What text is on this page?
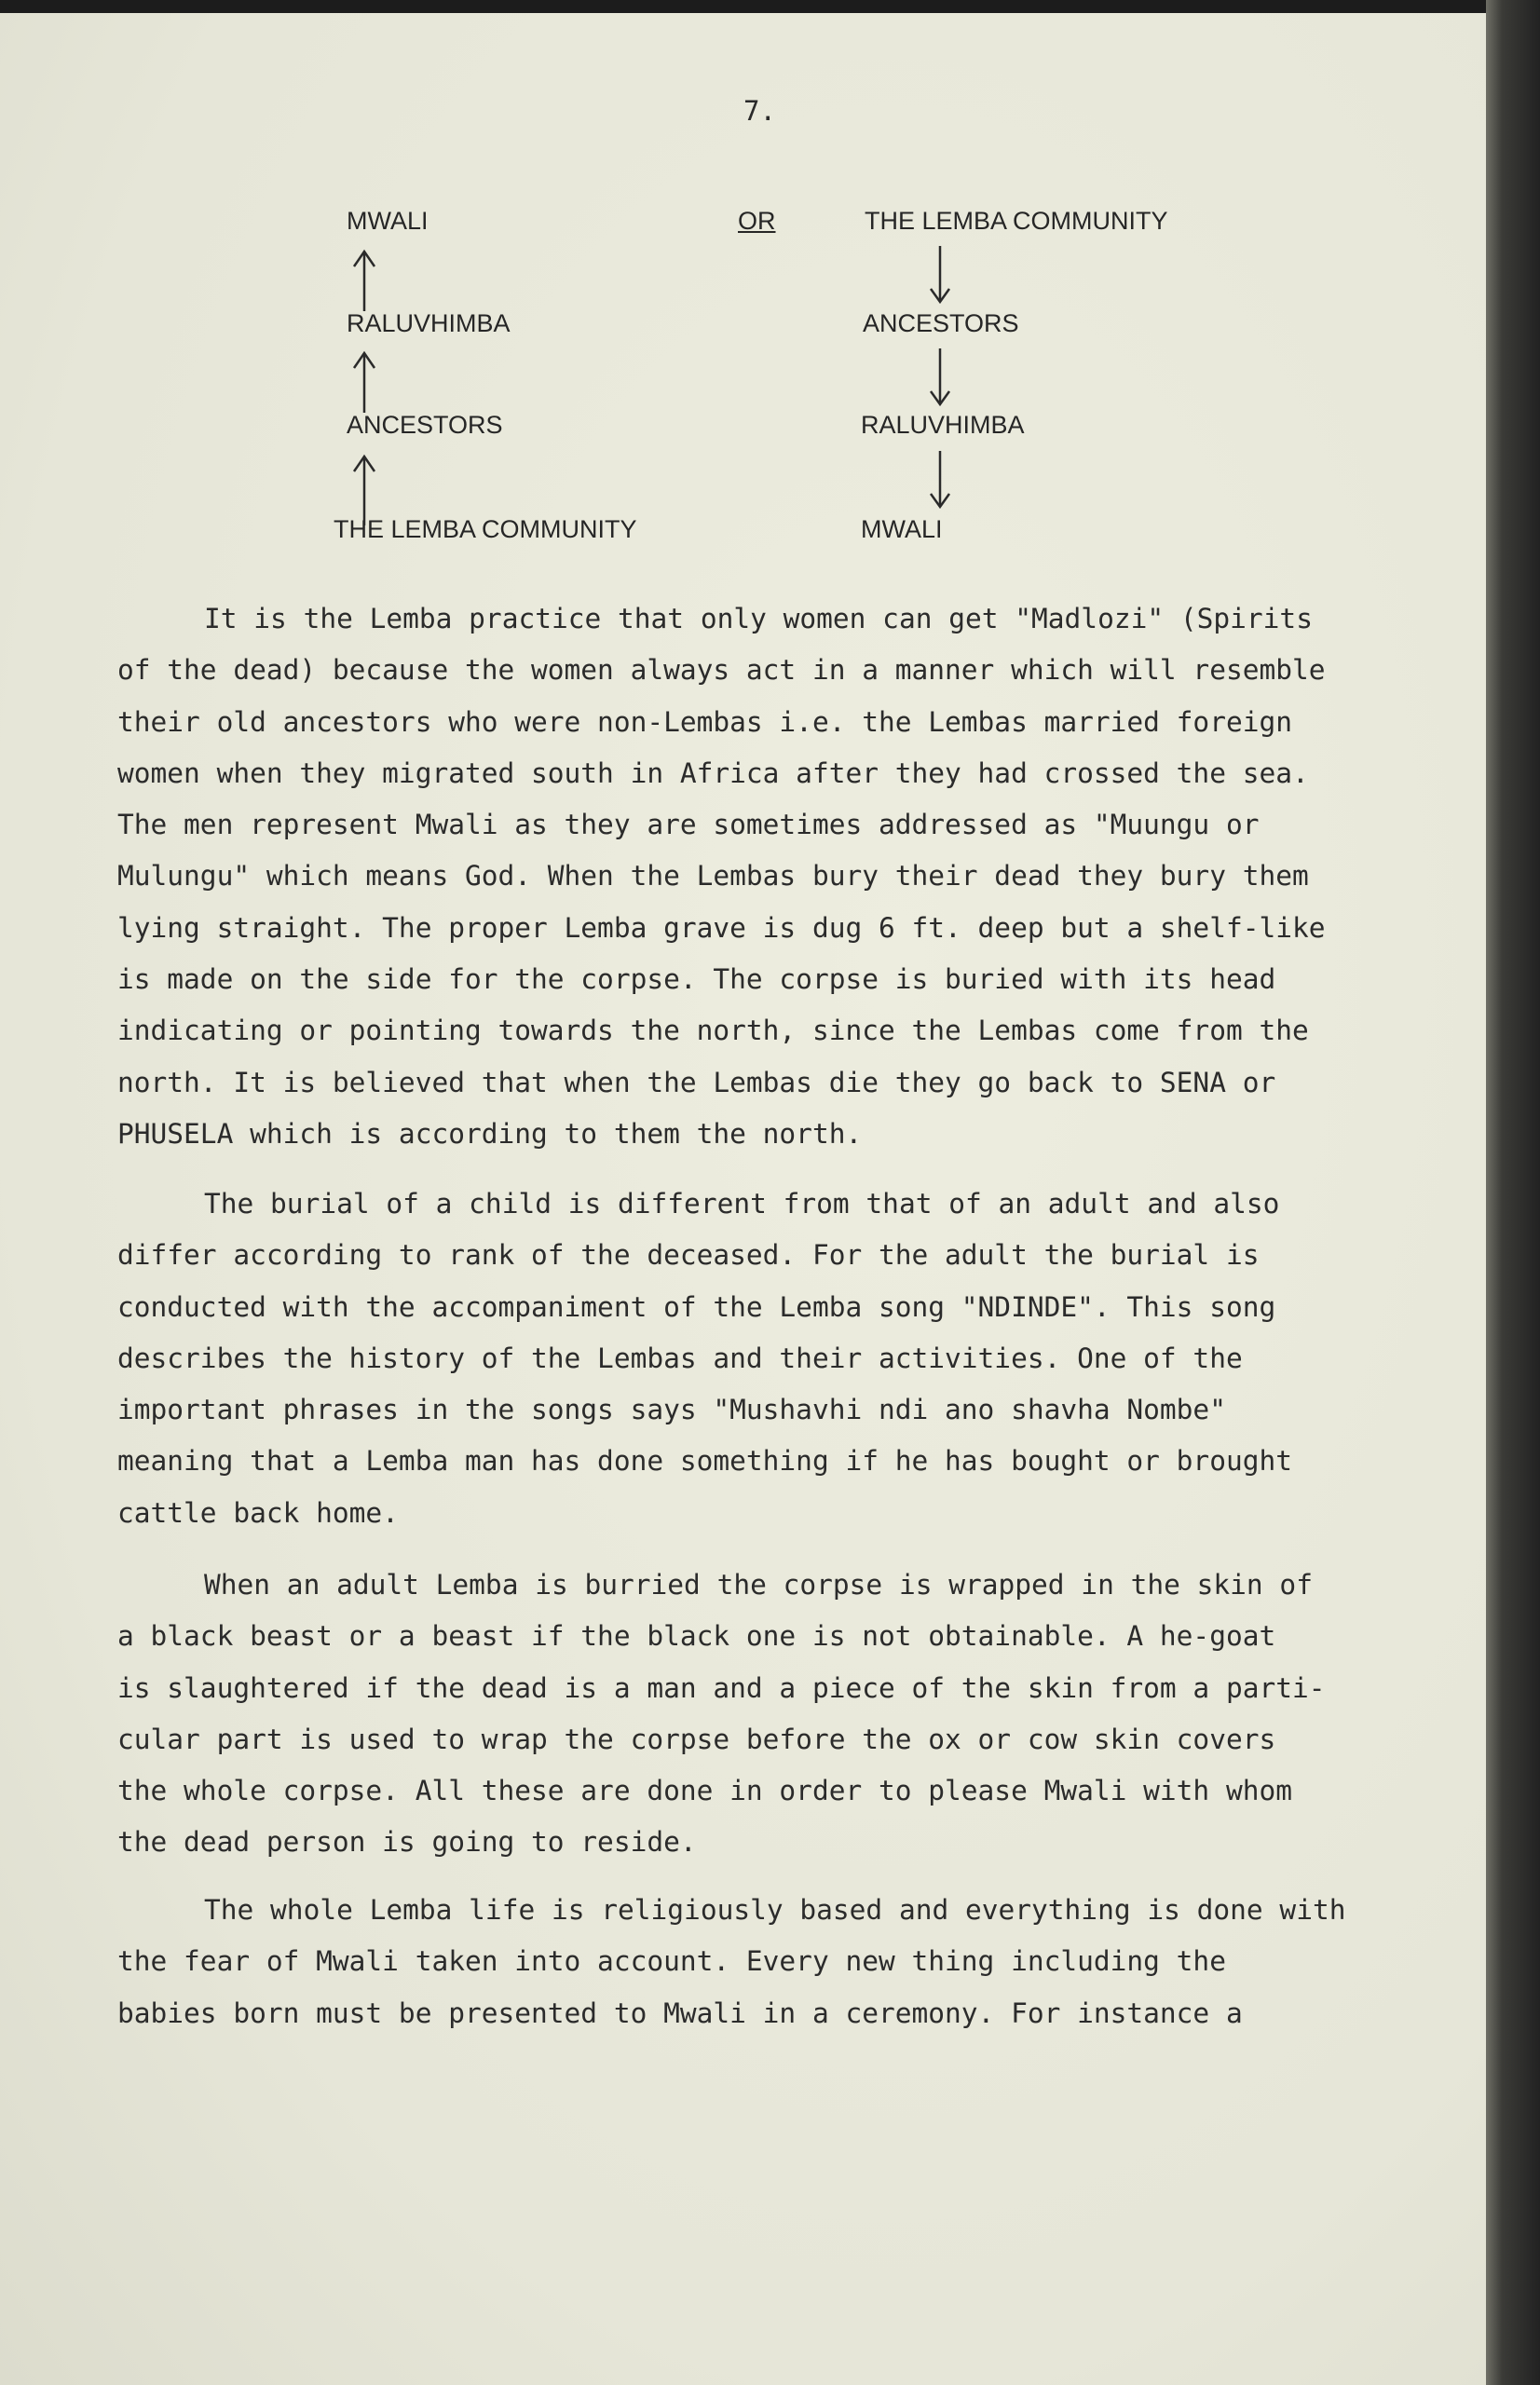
7.
MWALI
RALUVHIMBA
ANCESTORS
THE LEMBA COMMUNITY
OR	THE LEMBA COMMUNITY
ANCESTORS
RALUVHIMBA
MWALI

It is the Lemba practice that only women can get "Madlozi" (Spirits

of the dead) because the women always act in a manner which will resemble

their old ancestors who were non-Lembas i.e. the Lembas married foreign

women when they migrated south in Africa after they had crossed the sea.

The men represent Mwali as they are sometimes addressed as "Muungu or

Mulungu" which means God. When the Lembas bury their dead they bury them

lying straight. The proper Lemba grave is dug 6 ft. deep but a shelf-like

is made on the side for the corpse. The corpse is buried with its head

indicating or pointing towards the north, since the Lembas come from the

north. It is believed that when the Lembas die they go back to SENA or

PHUSELA which is according to them the north.

The burial of a child is different from that of an adult and also

differ according to rank of the deceased. For the adult the burial is

conducted with the accompaniment of the Lemba song "NDINDE". This song

describes the history of the Lembas and their activities. One of the

important phrases in the songs says "Mushavhi ndi ano shavha Nombe"

meaning that a Lemba man has done something if he has bought or brought

cattle back home.

When an adult Lemba is burried the corpse is wrapped in the skin of

a black beast or a beast if the black one is not obtainable. A he-goat

is slaughtered if the dead is a man and a piece of the skin from a parti-

cular part is used to wrap the corpse before the ox or cow skin covers

the whole corpse. All these are done in order to please Mwali with whom

the dead person is going to reside.

The whole Lemba life is religiously based and everything is done with

the fear of Mwali taken into account. Every new thing including the

babies born must be presented to Mwali in a ceremony. For instance a
